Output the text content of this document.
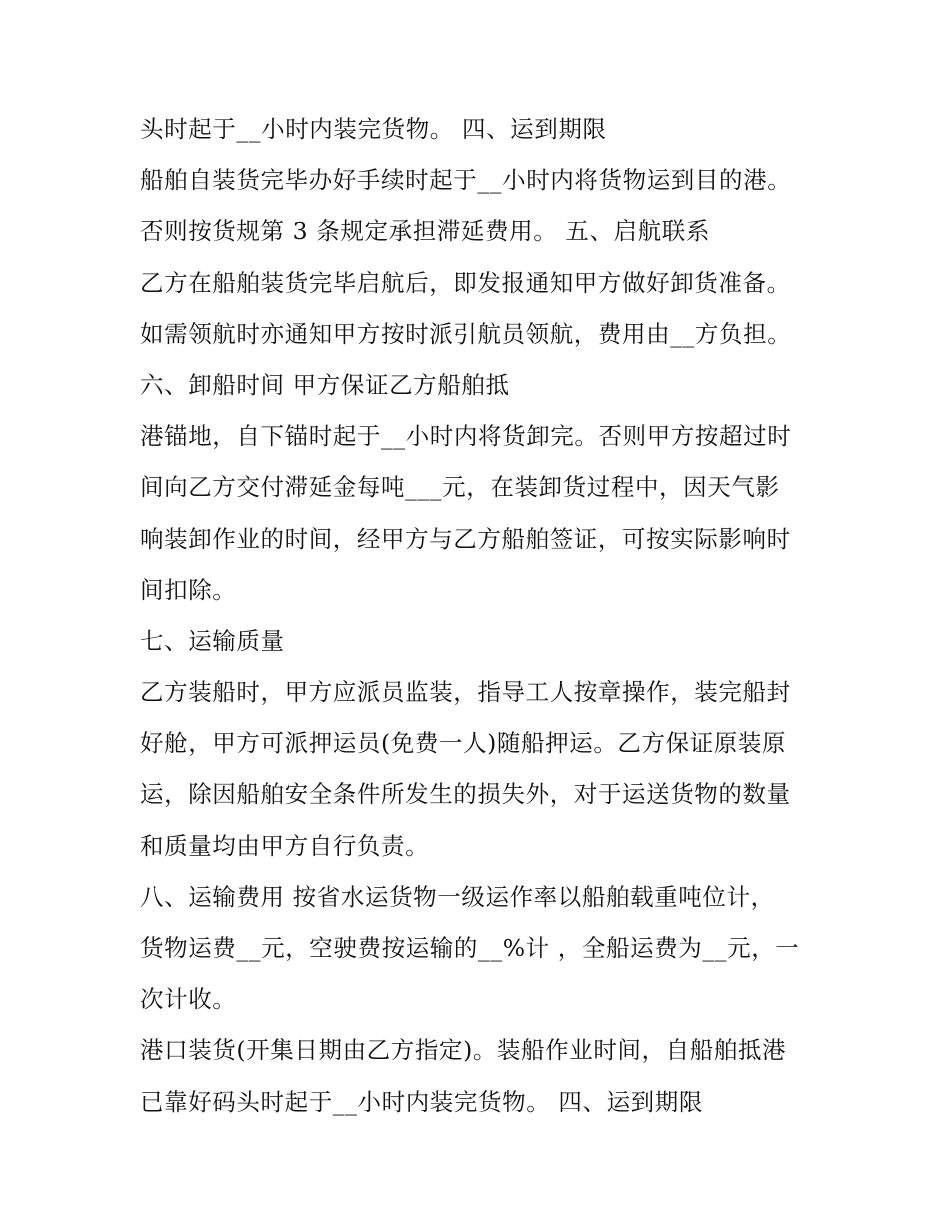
头时起于__小时内装完货物。 四、运到期限
船舶自装货完毕办好手续时起于__小时内将货物运到目的港。
否则按货规第 3 条规定承担滞延费用。 五、启航联系
乙方在船舶装货完毕启航后，即发报通知甲方做好卸货准备。
如需领航时亦通知甲方按时派引航员领航，费用由__方负担。
六、卸船时间 甲方保证乙方船舶抵
港锚地，自下锚时起于__小时内将货卸完。否则甲方按超过时
间向乙方交付滞延金每吨___元，在装卸货过程中，因天气影
响装卸作业的时间，经甲方与乙方船舶签证，可按实际影响时
间扣除。
七、运输质量
乙方装船时，甲方应派员监装，指导工人按章操作，装完船封
好舱，甲方可派押运员(免费一人)随船押运。乙方保证原装原
运，除因船舶安全条件所发生的损失外，对于运送货物的数量
和质量均由甲方自行负责。
八、运输费用 按省水运货物一级运作率以船舶载重吨位计，
货物运费__元，空驶费按运输的__%计 ，全船运费为__元，一
次计收。
港口装货(开集日期由乙方指定)。装船作业时间，自船舶抵港
已靠好码头时起于__小时内装完货物。 四、运到期限
